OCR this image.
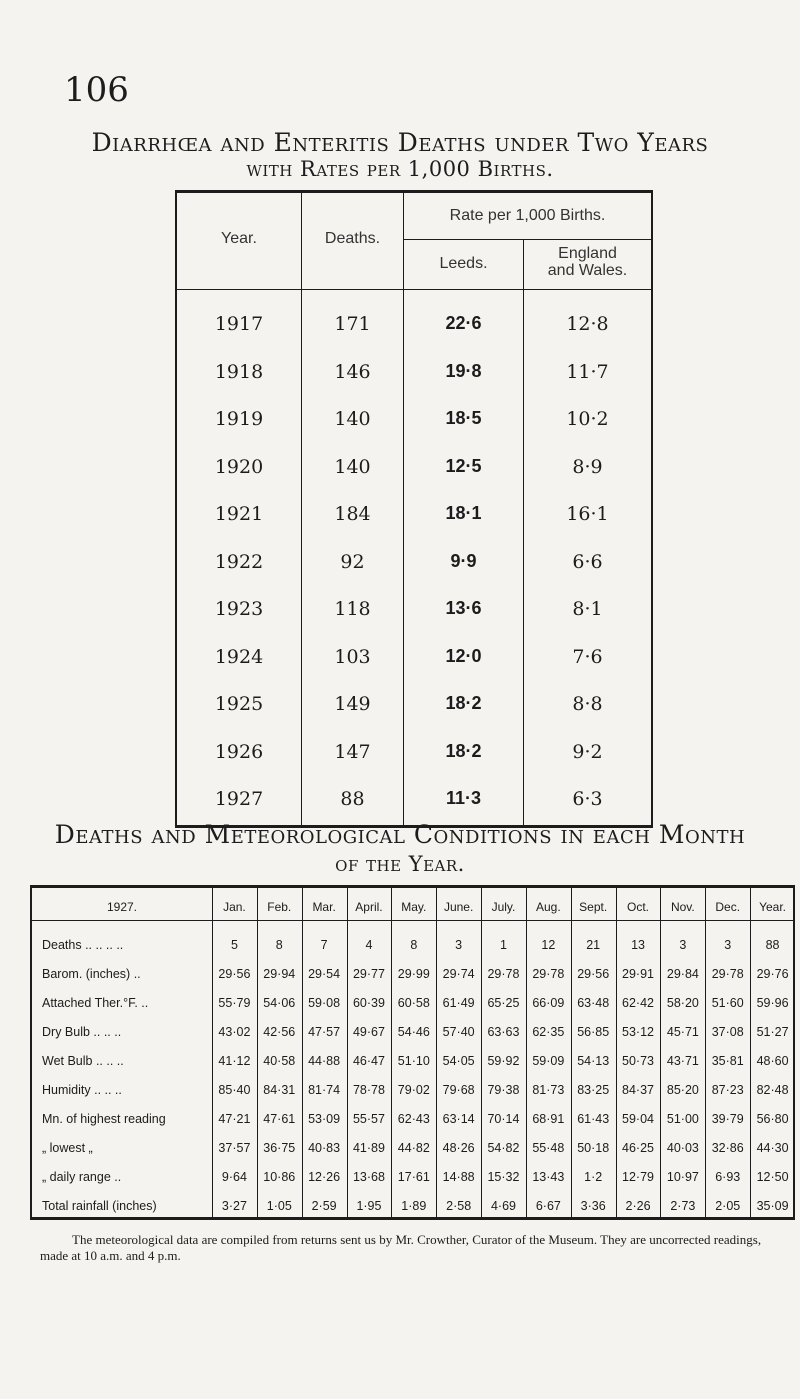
106
Diarrhœa and Enteritis Deaths under Two Years
with Rates per 1,000 Births.
Year.	Deaths.
Rate per 1,000 Births.
Leeds.
England
and Wales.
1917	171	22·6	12·8
1918	146	19·8	11·7
1919	140	18·5	10·2
1920	140	12·5	8·9
1921	184	18·1	16·1
1922	92	9·9	6·6
1923	118	13·6	8·1
1924	103	12·0	7·6
1925	149	18·2	8·8
1926	147	18·2	9·2
1927	88	11·3	6·3
Deaths and Meteorological Conditions in each Month
of the Year.
1927.	Jan.	Feb.	Mar.	April.	May.	June.	July.	Aug.	Sept.	Oct.	Nov.	Dec.	Year.
Deaths .. .. .. ..	5	8	7	4	8	3	1	12	21	13	3	3	88
Barom. (inches) ..	29·56	29·94	29·54	29·77	29·99	29·74	29·78	29·78	29·56	29·91	29·84	29·78	29·76
Attached Ther.°F. ..	55·79	54·06	59·08	60·39	60·58	61·49	65·25	66·09	63·48	62·42	58·20	51·60	59·96
Dry Bulb .. .. ..	43·02	42·56	47·57	49·67	54·46	57·40	63·63	62·35	56·85	53·12	45·71	37·08	51·27
Wet Bulb .. .. ..	41·12	40·58	44·88	46·47	51·10	54·05	59·92	59·09	54·13	50·73	43·71	35·81	48·60
Humidity .. .. ..	85·40	84·31	81·74	78·78	79·02	79·68	79·38	81·73	83·25	84·37	85·20	87·23	82·48
Mn. of highest reading	47·21	47·61	53·09	55·57	62·43	63·14	70·14	68·91	61·43	59·04	51·00	39·79	56·80
„ lowest „	37·57	36·75	40·83	41·89	44·82	48·26	54·82	55·48	50·18	46·25	40·03	32·86	44·30
„ daily range ..	9·64	10·86	12·26	13·68	17·61	14·88	15·32	13·43	1·2	12·79	10·97	6·93	12·50
Total rainfall (inches)	3·27	1·05	2·59	1·95	1·89	2·58	4·69	6·67	3·36	2·26	2·73	2·05	35·09
The meteorological data are compiled from returns sent us by Mr. Crowther, Curator of the Museum. They are uncorrected readings, made at 10 a.m. and 4 p.m.
